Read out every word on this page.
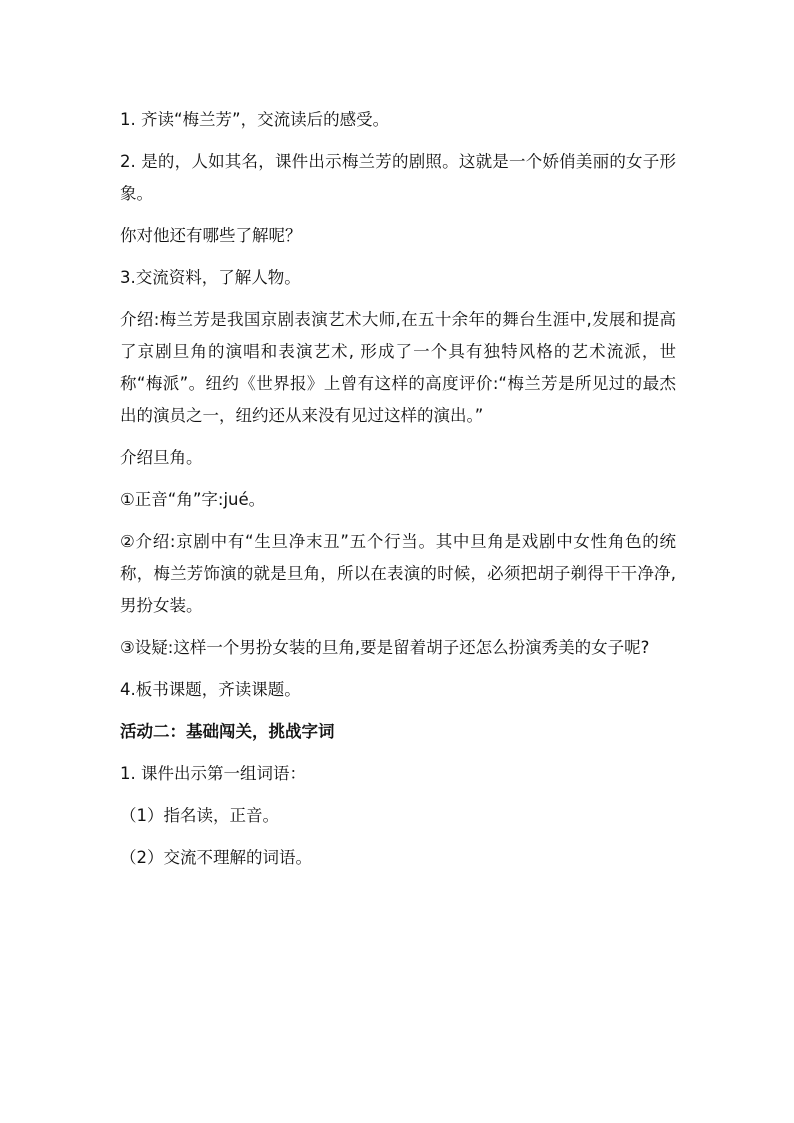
1. 齐读“梅兰芳”，交流读后的感受。

2. 是的，人如其名，课件出示梅兰芳的剧照。这就是一个娇俏美丽的女子形象。

你对他还有哪些了解呢？

3.交流资料，了解人物。

介绍:梅兰芳是我国京剧表演艺术大师,在五十余年的舞台生涯中,发展和提高了京剧旦角的演唱和表演艺术, 形成了一个具有独特风格的艺术流派，世称“梅派”。纽约《世界报》上曾有这样的高度评价:“梅兰芳是所见过的最杰出的演员之一，纽约还从来没有见过这样的演出。”

介绍旦角。

①正音“角”字:jué。

②介绍:京剧中有“生旦净末丑”五个行当。其中旦角是戏剧中女性角色的统称，梅兰芳饰演的就是旦角，所以在表演的时候，必须把胡子剃得干干净净,男扮女装。

③设疑:这样一个男扮女装的旦角,要是留着胡子还怎么扮演秀美的女子呢?

4.板书课题，齐读课题。

活动二：基础闯关，挑战字词

1. 课件出示第一组词语：

（1）指名读，正音。

（2）交流不理解的词语。
